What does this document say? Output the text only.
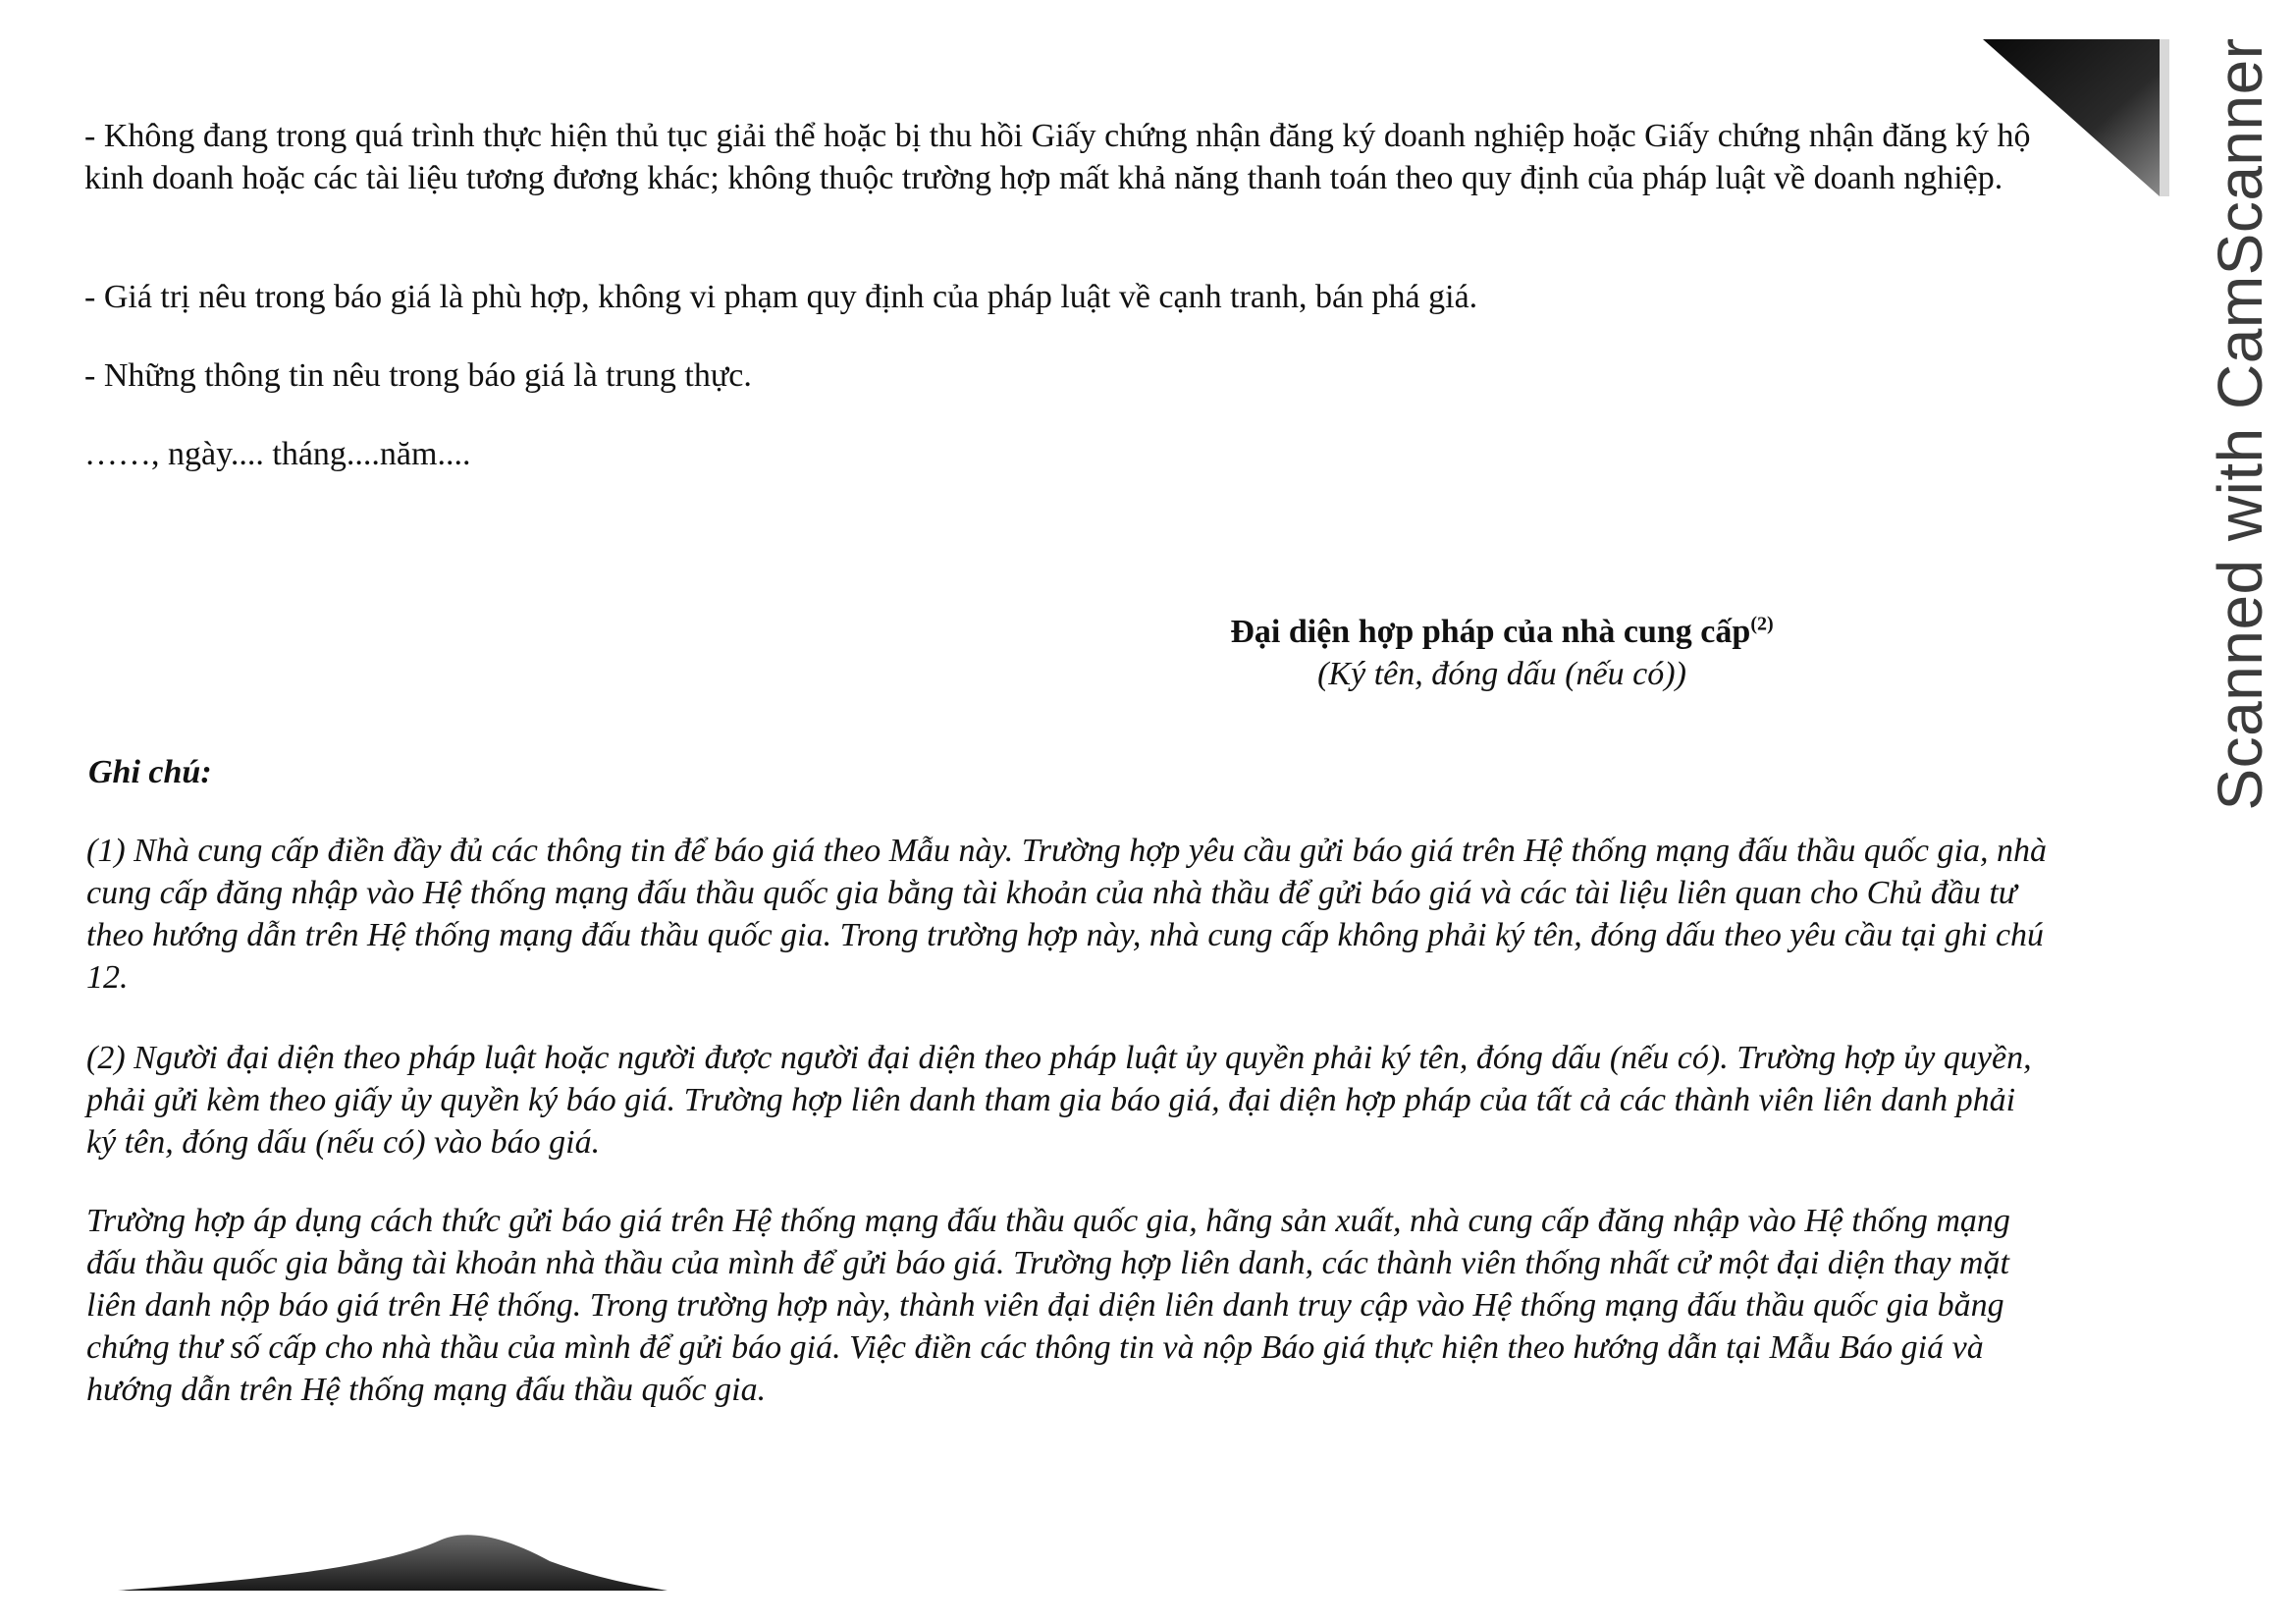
Scanned with CamScanner

- Không đang trong quá trình thực hiện thủ tục giải thể hoặc bị thu hồi Giấy chứng nhận đăng ký doanh nghiệp hoặc Giấy chứng nhận đăng ký hộ kinh doanh hoặc các tài liệu tương đương khác; không thuộc trường hợp mất khả năng thanh toán theo quy định của pháp luật về doanh nghiệp.

- Giá trị nêu trong báo giá là phù hợp, không vi phạm quy định của pháp luật về cạnh tranh, bán phá giá.

- Những thông tin nêu trong báo giá là trung thực.

……, ngày.... tháng....năm....

Đại diện hợp pháp của nhà cung cấp$^{(2)}$
(Ký tên, đóng dấu (nếu có))
Ghi chú:

(1) Nhà cung cấp điền đầy đủ các thông tin để báo giá theo Mẫu này. Trường hợp yêu cầu gửi báo giá trên Hệ thống mạng đấu thầu quốc gia, nhà cung cấp đăng nhập vào Hệ thống mạng đấu thầu quốc gia bằng tài khoản của nhà thầu để gửi báo giá và các tài liệu liên quan cho Chủ đầu tư theo hướng dẫn trên Hệ thống mạng đấu thầu quốc gia. Trong trường hợp này, nhà cung cấp không phải ký tên, đóng dấu theo yêu cầu tại ghi chú 12.

(2) Người đại diện theo pháp luật hoặc người được người đại diện theo pháp luật ủy quyền phải ký tên, đóng dấu (nếu có). Trường hợp ủy quyền, phải gửi kèm theo giấy ủy quyền ký báo giá. Trường hợp liên danh tham gia báo giá, đại diện hợp pháp của tất cả các thành viên liên danh phải ký tên, đóng dấu (nếu có) vào báo giá.

Trường hợp áp dụng cách thức gửi báo giá trên Hệ thống mạng đấu thầu quốc gia, hãng sản xuất, nhà cung cấp đăng nhập vào Hệ thống mạng đấu thầu quốc gia bằng tài khoản nhà thầu của mình để gửi báo giá. Trường hợp liên danh, các thành viên thống nhất cử một đại diện thay mặt liên danh nộp báo giá trên Hệ thống. Trong trường hợp này, thành viên đại diện liên danh truy cập vào Hệ thống mạng đấu thầu quốc gia bằng chứng thư số cấp cho nhà thầu của mình để gửi báo giá. Việc điền các thông tin và nộp Báo giá thực hiện theo hướng dẫn tại Mẫu Báo giá và hướng dẫn trên Hệ thống mạng đấu thầu quốc gia.
